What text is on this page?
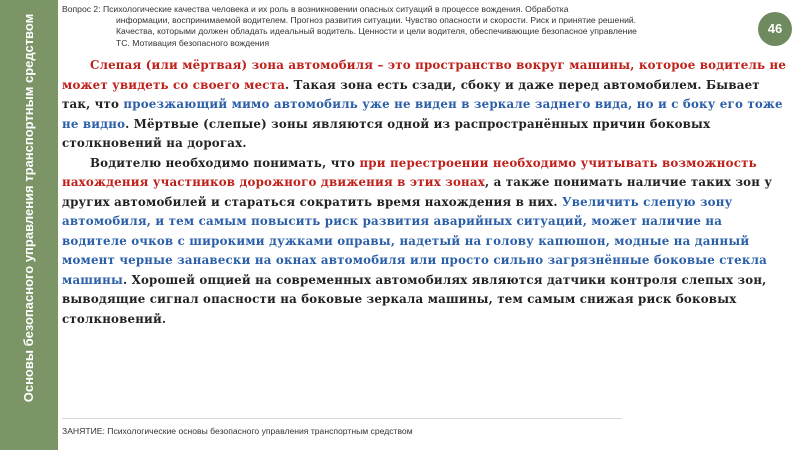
Основы безопасного управления транспортным средством
Вопрос 2: Психологические качества человека и их роль в возникновении опасных ситуаций в процессе вождения. Обработка
информации, воспринимаемой водителем. Прогноз развития ситуации. Чувство опасности и скорости. Риск и принятие решений.
Качества, которыми должен обладать идеальный водитель. Ценности и цели водителя, обеспечивающие безопасное управление
ТС. Мотивация безопасного вождения
46

Слепая (или мёртвая) зона автомобиля – это пространство вокруг машины, которое водитель не может увидеть со своего места. Такая зона есть сзади, сбоку и даже перед автомобилем. Бывает так, что проезжающий мимо автомобиль уже не виден в зеркале заднего вида, но и с боку его тоже не видно. Мёртвые (слепые) зоны являются одной из распространённых причин боковых столкновений на дорогах.

Водителю необходимо понимать, что при перестроении необходимо учитывать возможность нахождения участников дорожного движения в этих зонах, а также понимать наличие таких зон у других автомобилей и стараться сократить время нахождения в них. Увеличить слепую зону автомобиля, и тем самым повысить риск развития аварийных ситуаций, может наличие на водителе очков с широкими дужками оправы, надетый на голову капюшон, модные на данный момент черные занавески на окнах автомобиля или просто сильно загрязнённые боковые стекла машины. Хорошей опцией на современных автомобилях являются датчики контроля слепых зон, выводящие сигнал опасности на боковые зеркала машины, тем самым снижая риск боковых столкновений.

ЗАНЯТИЕ: Психологические основы безопасного управления транспортным средством
